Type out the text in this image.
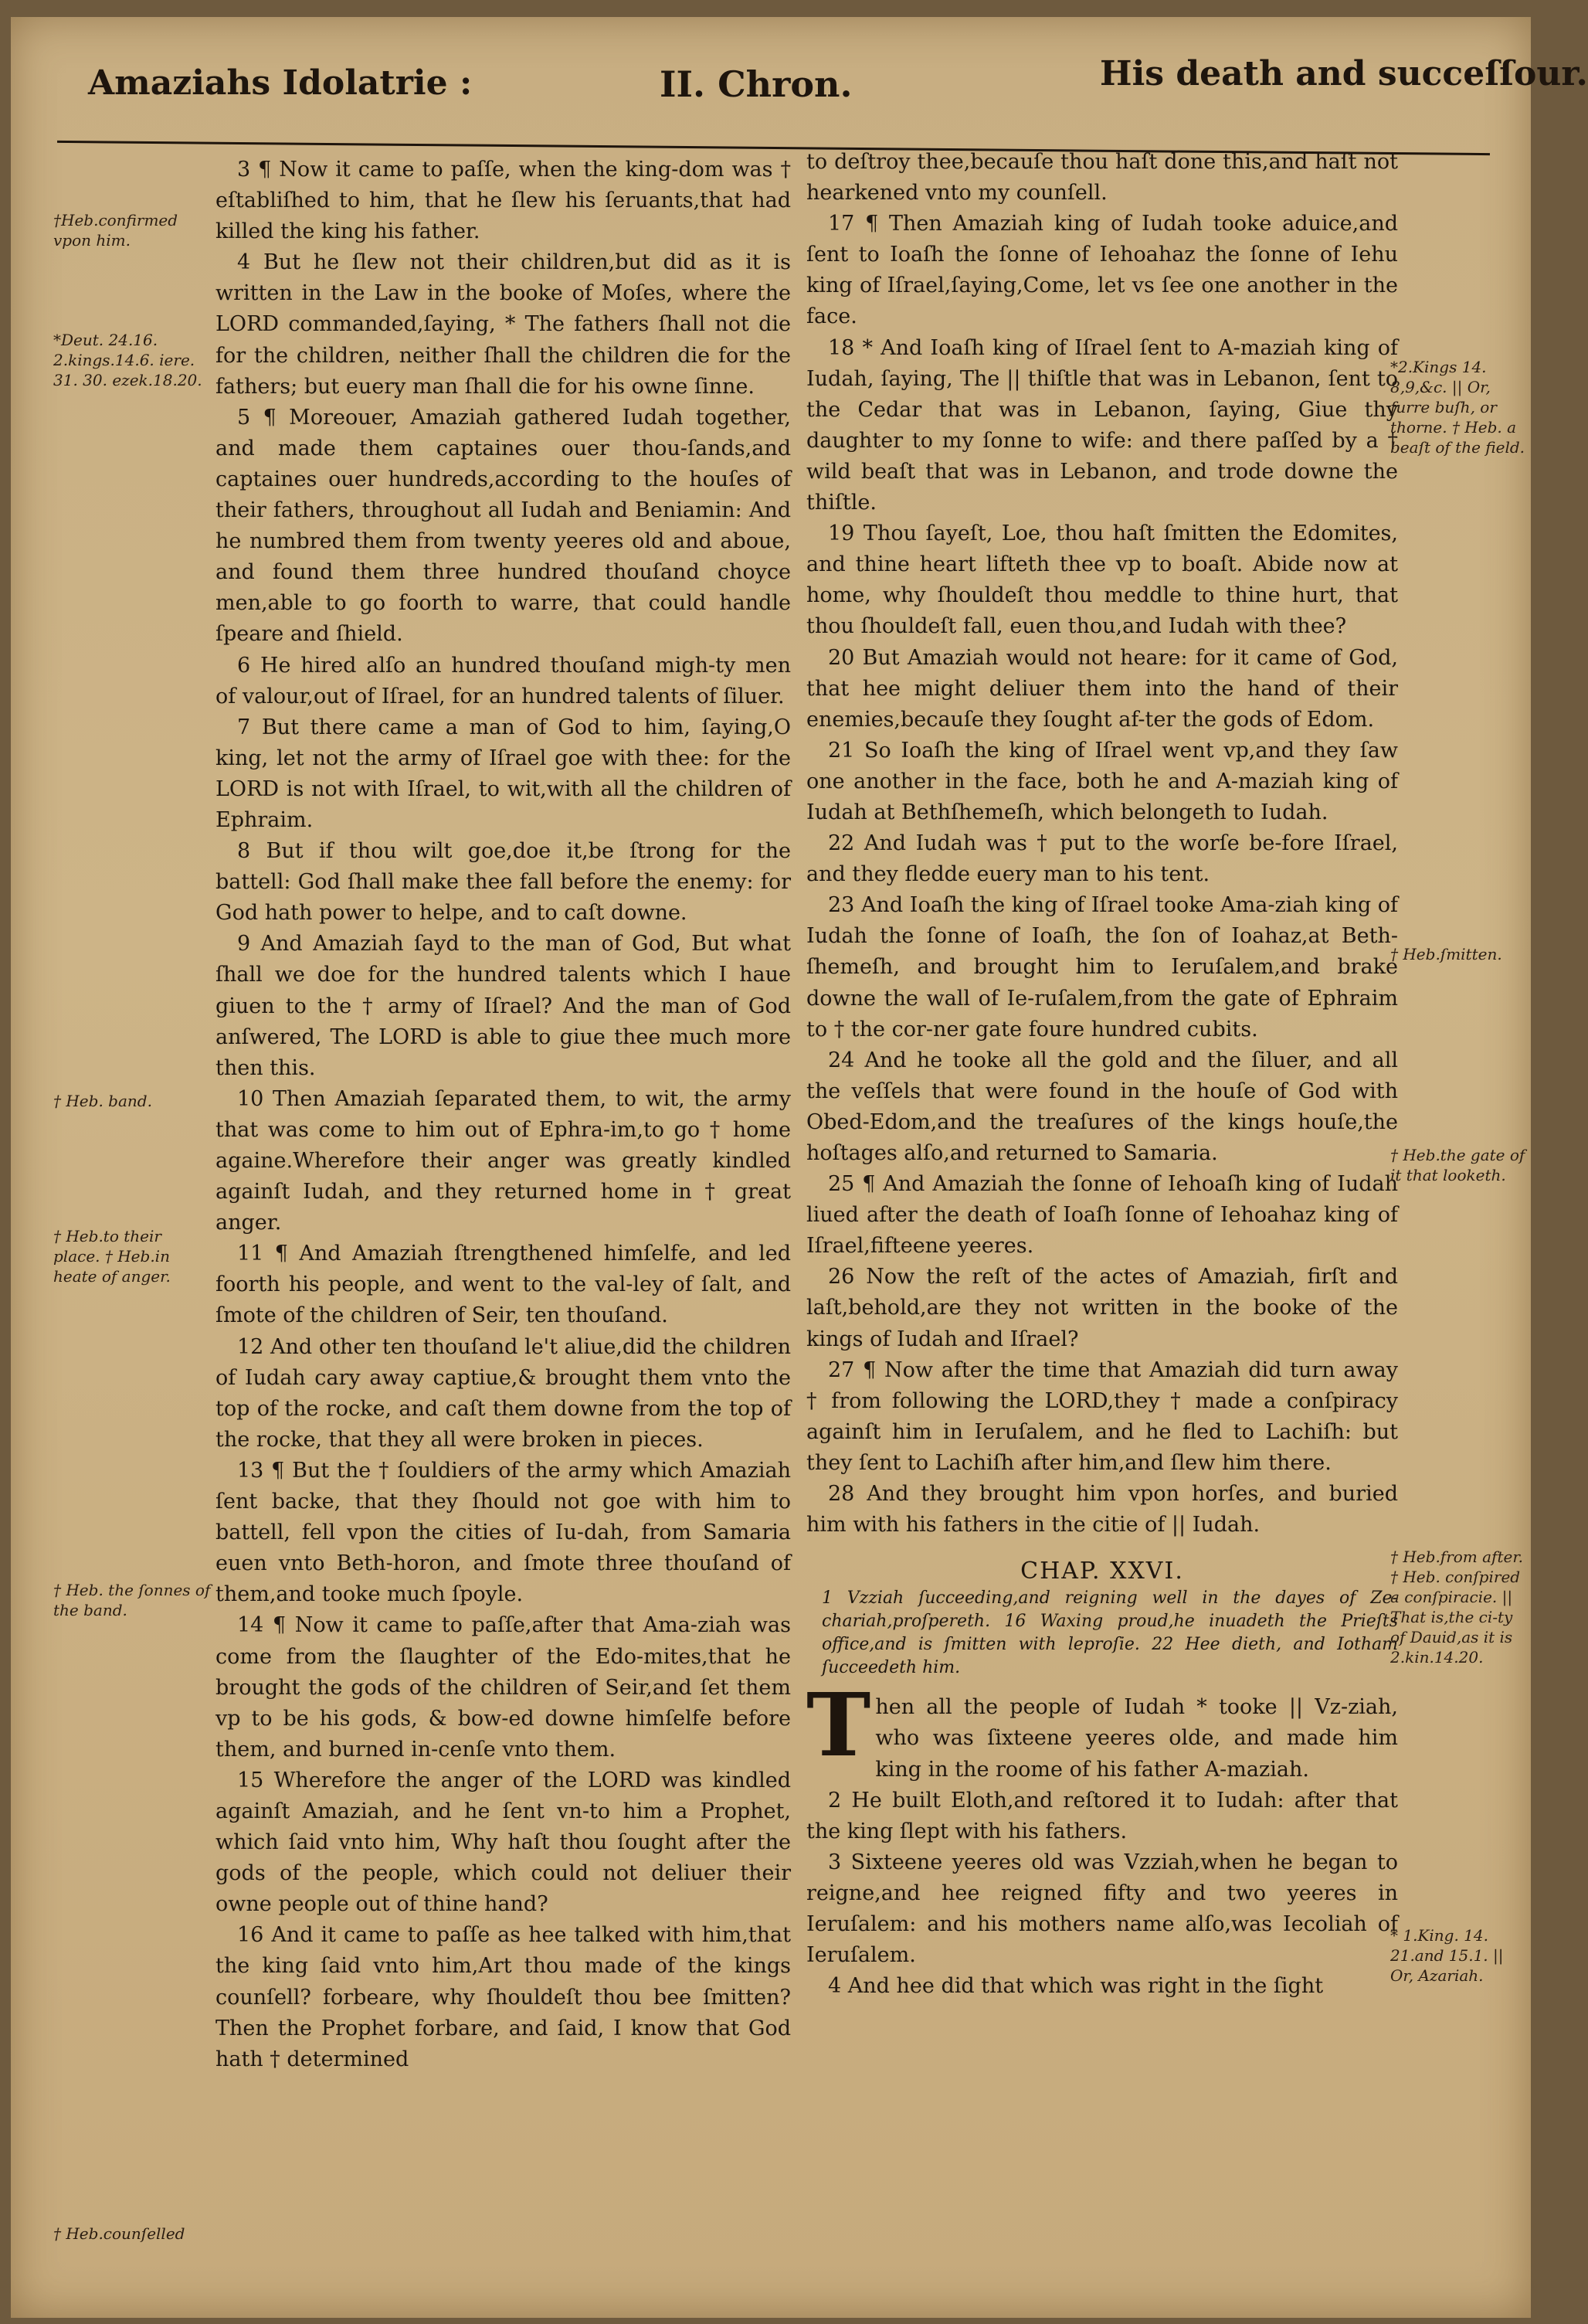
Amaziahs Idolatrie :	II. Chron.	His death and succeſſour.
†Heb.confirmed vpon him.
*Deut. 24.16. 2.kings.14.6. iere. 31. 30. ezek.18.20.
† Heb. band.
† Heb.to their place. † Heb.in heate of anger.
† Heb. the ſonnes of the band.
† Heb.counſelled

3 ¶ Now it came to paſſe, when the king-dom was † eſtabliſhed to him, that he ſlew his ſeruants,that had killed the king his father.

4 But he ſlew not their children,but did as it is written in the Law in the booke of Moſes, where the LORD commanded,ſaying, * The fathers ſhall not die for the children, neither ſhall the children die for the fathers; but euery man ſhall die for his owne ſinne.

5 ¶ Moreouer, Amaziah gathered Iudah together, and made them captaines ouer thou-ſands,and captaines ouer hundreds,according to the houſes of their fathers, throughout all Iudah and Beniamin: And he numbred them from twenty yeeres old and aboue, and found them three hundred thouſand choyce men,able to go foorth to warre, that could handle ſpeare and ſhield.

6 He hired alſo an hundred thouſand migh-ty men of valour,out of Iſrael, for an hundred talents of ſiluer.

7 But there came a man of God to him, ſaying,O king, let not the army of Iſrael goe with thee: for the LORD is not with Iſrael, to wit,with all the children of Ephraim.

8 But if thou wilt goe,doe it,be ſtrong for the battell: God ſhall make thee fall before the enemy: for God hath power to helpe, and to caſt downe.

9 And Amaziah ſayd to the man of God, But what ſhall we doe for the hundred talents which I haue giuen to the † army of Iſrael? And the man of God anſwered, The LORD is able to giue thee much more then this.

10 Then Amaziah ſeparated them, to wit, the army that was come to him out of Ephra-im,to go † home againe.Wherefore their anger was greatly kindled againſt Iudah, and they returned home in † great anger.

11 ¶ And Amaziah ſtrengthened himſelfe, and led foorth his people, and went to the val-ley of ſalt, and ſmote of the children of Seir, ten thouſand.

12 And other ten thouſand le't aliue,did the children of Iudah cary away captiue,& brought them vnto the top of the rocke, and caſt them downe from the top of the rocke, that they all were broken in pieces.

13 ¶ But the † ſouldiers of the army which Amaziah ſent backe, that they ſhould not goe with him to battell, fell vpon the cities of Iu-dah, from Samaria euen vnto Beth-horon, and ſmote three thouſand of them,and tooke much ſpoyle.

14 ¶ Now it came to paſſe,after that Ama-ziah was come from the ſlaughter of the Edo-mites,that he brought the gods of the children of Seir,and ſet them vp to be his gods, & bow-ed downe himſelfe before them, and burned in-cenſe vnto them.

15 Wherefore the anger of the LORD was kindled againſt Amaziah, and he ſent vn-to him a Prophet, which ſaid vnto him, Why haſt thou ſought after the gods of the people, which could not deliuer their owne people out of thine hand?

16 And it came to paſſe as hee talked with him,that the king ſaid vnto him,Art thou made of the kings counſell? forbeare, why ſhouldeſt thou bee ſmitten? Then the Prophet forbare, and ſaid, I know that God hath † determined

to deſtroy thee,becauſe thou haſt done this,and haſt not hearkened vnto my counſell.

17 ¶ Then Amaziah king of Iudah tooke aduice,and ſent to Ioaſh the ſonne of Iehoahaz the ſonne of Iehu king of Iſrael,ſaying,Come, let vs ſee one another in the face.

18 * And Ioaſh king of Iſrael ſent to A-maziah king of Iudah, ſaying, The || thiſtle that was in Lebanon, ſent to the Cedar that was in Lebanon, ſaying, Giue thy daughter to my ſonne to wife: and there paſſed by a † wild beaſt that was in Lebanon, and trode downe the thiſtle.

19 Thou ſayeſt, Loe, thou haſt ſmitten the Edomites, and thine heart lifteth thee vp to boaſt. Abide now at home, why ſhouldeſt thou meddle to thine hurt, that thou ſhouldeſt fall, euen thou,and Iudah with thee?

20 But Amaziah would not heare: for it came of God, that hee might deliuer them into the hand of their enemies,becauſe they ſought af-ter the gods of Edom.

21 So Ioaſh the king of Iſrael went vp,and they ſaw one another in the face, both he and A-maziah king of Iudah at Bethſhemeſh, which belongeth to Iudah.

22 And Iudah was † put to the worſe be-fore Iſrael, and they fledde euery man to his tent.

23 And Ioaſh the king of Iſrael tooke Ama-ziah king of Iudah the ſonne of Ioaſh, the ſon of Ioahaz,at Beth-ſhemeſh, and brought him to Ieruſalem,and brake downe the wall of Ie-ruſalem,from the gate of Ephraim to † the cor-ner gate foure hundred cubits.

24 And he tooke all the gold and the ſiluer, and all the veſſels that were found in the houſe of God with Obed-Edom,and the treaſures of the kings houſe,the hoſtages alſo,and returned to Samaria.

25 ¶ And Amaziah the ſonne of Iehoaſh king of Iudah liued after the death of Ioaſh ſonne of Iehoahaz king of Iſrael,fifteene yeeres.

26 Now the reſt of the actes of Amaziah, firſt and laſt,behold,are they not written in the booke of the kings of Iudah and Iſrael?

27 ¶ Now after the time that Amaziah did turn away † from following the LORD,they † made a conſpiracy againſt him in Ieruſalem, and he fled to Lachiſh: but they ſent to Lachiſh after him,and ſlew him there.

28 And they brought him vpon horſes, and buried him with his fathers in the citie of || Iudah.

CHAP. XXVI.

1 Vzziah ſucceeding,and reigning well in the dayes of Ze-chariah,proſpereth. 16 Waxing proud,he inuadeth the Prieſts office,and is ſmitten with leproſie. 22 Hee dieth, and Iotham ſucceedeth him.

Then all the people of Iudah * tooke || Vz-ziah, who was ſixteene yeeres olde, and made him king in the roome of his father A-maziah.

2 He built Eloth,and reſtored it to Iudah: after that the king ſlept with his fathers.

3 Sixteene yeeres old was Vzziah,when he began to reigne,and hee reigned fifty and two yeeres in Ieruſalem: and his mothers name alſo,was Iecoliah of Ieruſalem.

4 And hee did that which was right in the ſight

*2.Kings 14. 8,9,&c. || Or, furre buſh, or thorne. † Heb. a beaſt of the field.
† Heb.ſmitten.
† Heb.the gate of it that looketh.
† Heb.from after. † Heb. conſpired a conſpiracie. || That is,the ci-ty of Dauid,as it is 2.kin.14.20.
* 1.King. 14. 21.and 15.1. || Or, Azariah.
